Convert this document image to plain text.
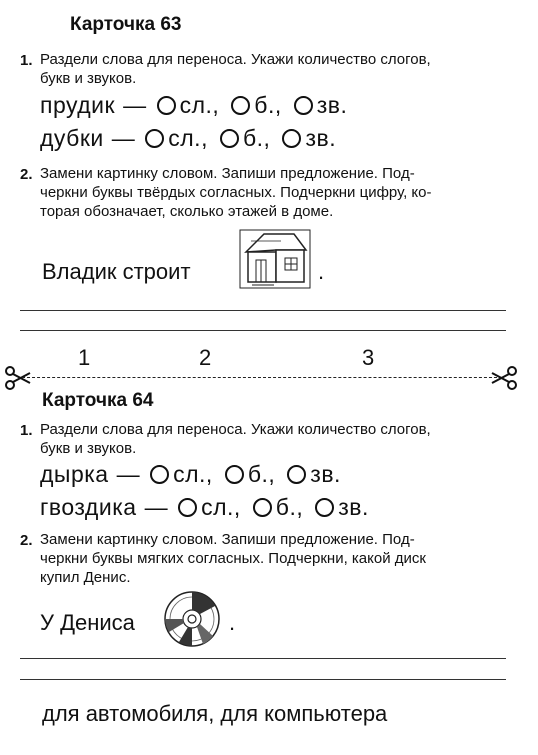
Карточка 63
1. Раздели слова для переноса. Укажи количество слогов,
букв и звуков.
прудик — сл., б., зв.
дубки — сл., б., зв.
2. Замени картинку словом. Запиши предложение. Под-
черкни буквы твёрдых согласных. Подчеркни цифру, ко-
торая обозначает, сколько этажей в доме.
Владик строит	.
1	2	3
Карточка 64
1. Раздели слова для переноса. Укажи количество слогов,
букв и звуков.
дырка — сл., б., зв.
гвоздика — сл., б., зв.
2. Замени картинку словом. Запиши предложение. Под-
черкни буквы мягких согласных. Подчеркни, какой диск
купил Денис.
У Дениса	.
для автомобиля, для компьютера
